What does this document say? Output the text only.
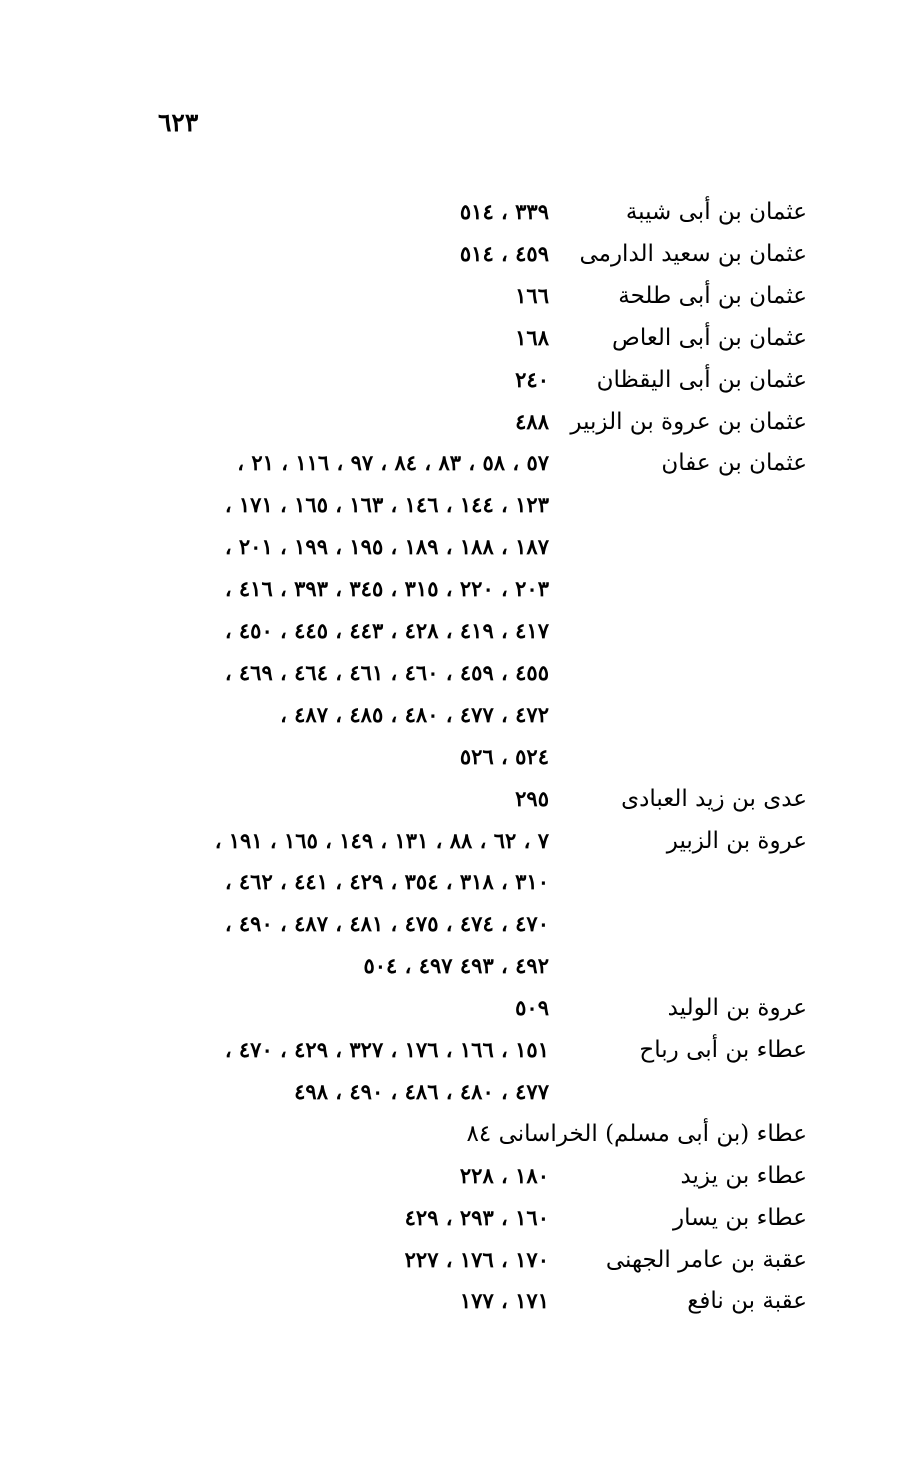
٦٢٣
عثمان بن أبى شيبة
٣٣٩ ، ٥١٤
عثمان بن سعيد الدارمى
٤٥٩ ، ٥١٤
عثمان بن أبى طلحة
١٦٦
عثمان بن أبى العاص
١٦٨
عثمان بن أبى اليقظان
٢٤٠
عثمان بن عروة بن الزبير
٤٨٨
عثمان بن عفان
٥٧ ، ٥٨ ، ٨٣ ، ٨٤ ، ٩٧ ، ١١٦ ، ٢١ ،
١٢٣ ، ١٤٤ ، ١٤٦ ، ١٦٣ ، ١٦٥ ، ١٧١ ،
١٨٧ ، ١٨٨ ، ١٨٩ ، ١٩٥ ، ١٩٩ ، ٢٠١ ،
٢٠٣ ، ٢٢٠ ، ٣١٥ ، ٣٤٥ ، ٣٩٣ ، ٤١٦ ،
٤١٧ ، ٤١٩ ، ٤٢٨ ، ٤٤٣ ، ٤٤٥ ، ٤٥٠ ،
٤٥٥ ، ٤٥٩ ، ٤٦٠ ، ٤٦١ ، ٤٦٤ ، ٤٦٩ ،
٤٧٢ ، ٤٧٧ ، ٤٨٠ ، ٤٨٥ ، ٤٨٧ ،
٥٢٤ ، ٥٢٦
عدى بن زيد العبادى
٢٩٥
عروة بن الزبير
٧ ، ٦٢ ، ٨٨ ، ١٣١ ، ١٤٩ ، ١٦٥ ، ١٩١ ،
٣١٠ ، ٣١٨ ، ٣٥٤ ، ٤٢٩ ، ٤٤١ ، ٤٦٢ ،
٤٧٠ ، ٤٧٤ ، ٤٧٥ ، ٤٨١ ، ٤٨٧ ، ٤٩٠ ،
٤٩٢ ، ٤٩٣ ٤٩٧ ، ٥٠٤
عروة بن الوليد
٥٠٩
عطاء بن أبى رباح
١٥١ ، ١٦٦ ، ١٧٦ ، ٣٢٧ ، ٤٢٩ ، ٤٧٠ ،
٤٧٧ ، ٤٨٠ ، ٤٨٦ ، ٤٩٠ ، ٤٩٨
عطاء (بن أبى مسلم) الخراسانى ٨٤
عطاء بن يزيد
١٨٠ ، ٢٢٨
عطاء بن يسار
١٦٠ ، ٢٩٣ ، ٤٢٩
عقبة بن عامر الجهنى
١٧٠ ، ١٧٦ ، ٢٢٧
عقبة بن نافع
١٧١ ، ١٧٧
